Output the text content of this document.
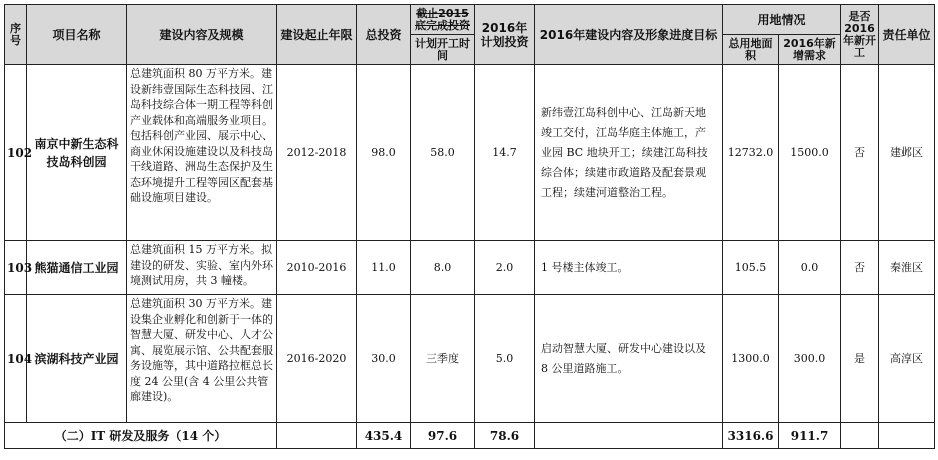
序号	项目名称	建设内容及规模	建设起止年限	总投资	截止2015底完成投资	2016年计划投资	2016年建设内容及形象进度目标	用地情况		是否2016年新开工	责任单位
					计划开工时间			总用地面积	2016年新增需求		
102	南京中新生态科技岛科创园	总建筑面积 80 万平方米。建设新纬壹国际生态科技园、江岛科技综合体一期工程等科创产业载体和高端服务业项目。包括科创产业园、展示中心、商业休闲设施建设以及科技岛干线道路、洲岛生态保护及生态环境提升工程等园区配套基础设施项目建设。	2012-2018	98.0	58.0	14.7	新纬壹江岛科创中心、江岛新天地竣工交付，江岛华庭主体施工，产业园 BC 地块开工；续建江岛科技综合体；续建市政道路及配套景观工程；续建河道整治工程。	12732.0	1500.0	否	建邺区
103	熊猫通信工业园	总建筑面积 15 万平方米。拟建设的研发、实验、室内外环境测试用房，共 3 幢楼。	2010-2016	11.0	8.0	2.0	1 号楼主体竣工。	105.5	0.0	否	秦淮区
104	滨湖科技产业园	总建筑面积 30 万平方米。建设集企业孵化和创新于一体的智慧大厦、研发中心、人才公寓、展览展示馆、公共配套服务设施等，其中道路拉框总长度 24 公里(含 4 公里公共管廊建设)。	2016-2020	30.0	三季度	5.0	启动智慧大厦、研发中心建设以及 8 公里道路施工。	1300.0	300.0	是	高淳区
（二）IT 研发及服务（14 个）				435.4	97.6	78.6		3316.6	911.7		
